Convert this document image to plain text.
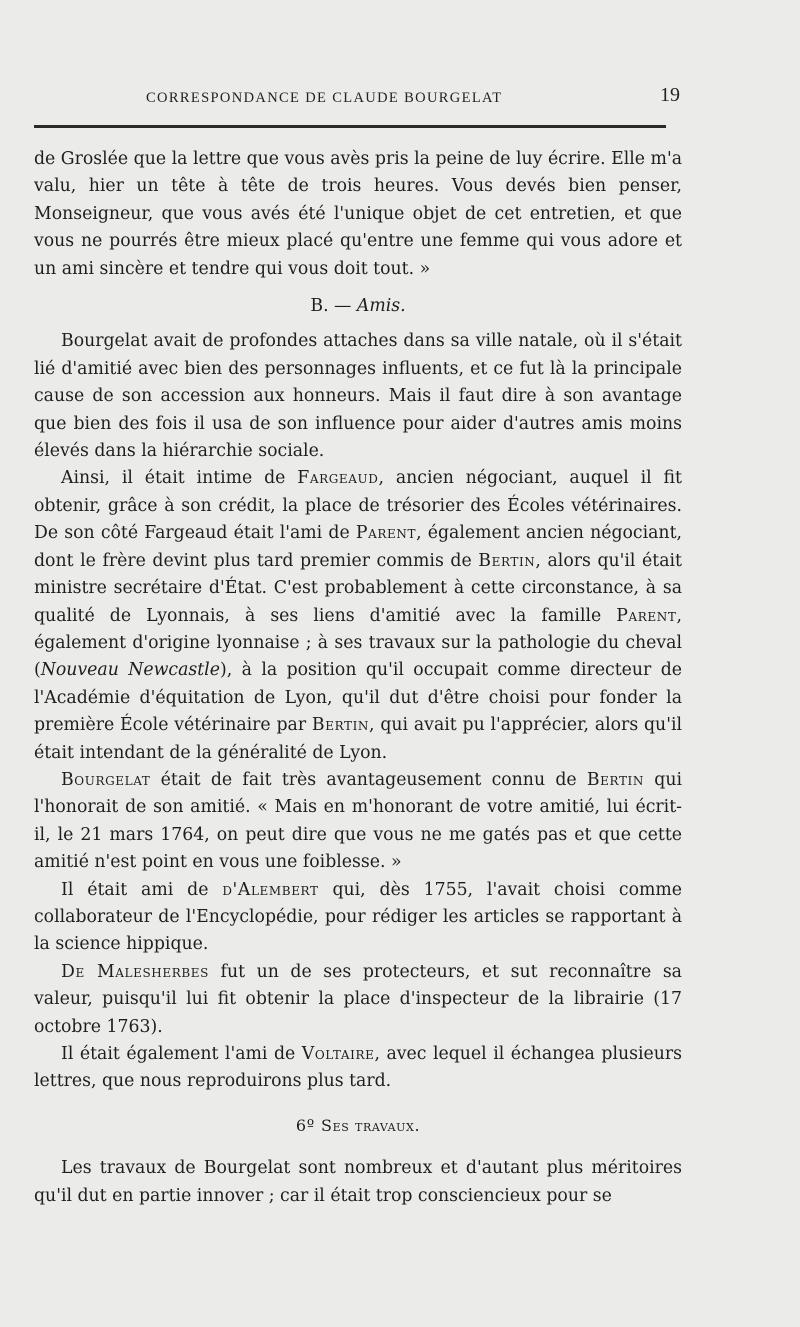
CORRESPONDANCE DE CLAUDE BOURGELAT	19

de Groslée que la lettre que vous avès pris la peine de luy écrire. Elle m'a valu, hier un tête à tête de trois heures. Vous devés bien penser, Monseigneur, que vous avés été l'unique objet de cet entretien, et que vous ne pourrés être mieux placé qu'entre une femme qui vous adore et un ami sincère et tendre qui vous doit tout. »

B. — Amis.

Bourgelat avait de profondes attaches dans sa ville natale, où il s'était lié d'amitié avec bien des personnages influents, et ce fut là la principale cause de son accession aux honneurs. Mais il faut dire à son avantage que bien des fois il usa de son influence pour aider d'autres amis moins élevés dans la hiérarchie sociale.

Ainsi, il était intime de Fargeaud, ancien négociant, auquel il fit obtenir, grâce à son crédit, la place de trésorier des Écoles vétérinaires. De son côté Fargeaud était l'ami de Parent, également ancien négociant, dont le frère devint plus tard premier commis de Bertin, alors qu'il était ministre secrétaire d'État. C'est probablement à cette circonstance, à sa qualité de Lyonnais, à ses liens d'amitié avec la famille Parent, également d'origine lyonnaise ; à ses travaux sur la pathologie du cheval (Nouveau Newcastle), à la position qu'il occupait comme directeur de l'Académie d'équitation de Lyon, qu'il dut d'être choisi pour fonder la première École vétérinaire par Bertin, qui avait pu l'apprécier, alors qu'il était intendant de la généralité de Lyon.

Bourgelat était de fait très avantageusement connu de Bertin qui l'honorait de son amitié. « Mais en m'honorant de votre amitié, lui écrit-il, le 21 mars 1764, on peut dire que vous ne me gatés pas et que cette amitié n'est point en vous une foiblesse. »

Il était ami de d'Alembert qui, dès 1755, l'avait choisi comme collaborateur de l'Encyclopédie, pour rédiger les articles se rapportant à la science hippique.

De Malesherbes fut un de ses protecteurs, et sut reconnaître sa valeur, puisqu'il lui fit obtenir la place d'inspecteur de la librairie (17 octobre 1763).

Il était également l'ami de Voltaire, avec lequel il échangea plusieurs lettres, que nous reproduirons plus tard.

6º Ses travaux.

Les travaux de Bourgelat sont nombreux et d'autant plus méritoires qu'il dut en partie innover ; car il était trop consciencieux pour se
